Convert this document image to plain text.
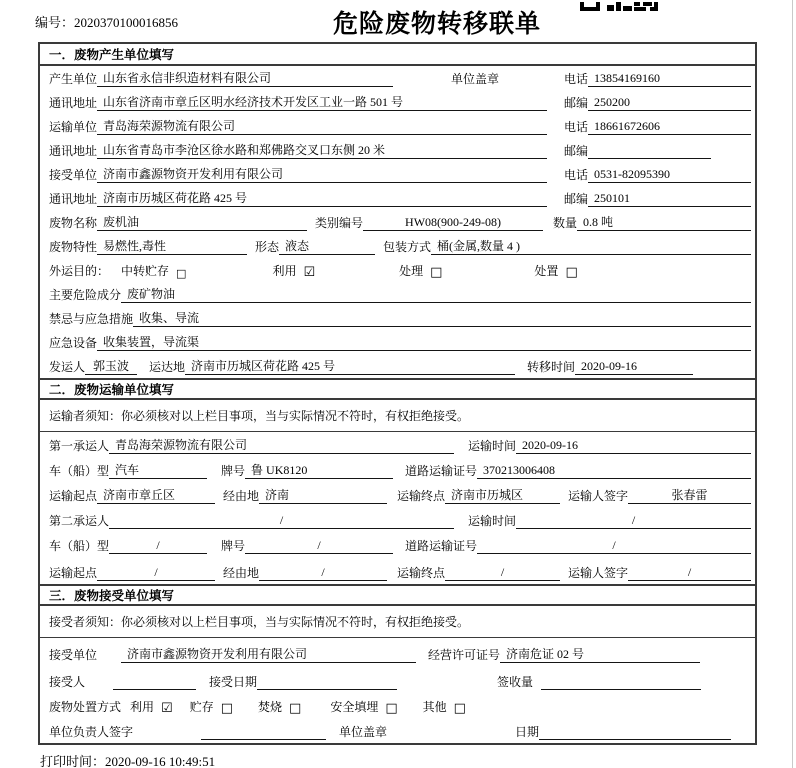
编号：2020370100016856	危险废物转移联单
一．废物产生单位填写
产生单位 山东省永信非织造材料有限公司	单位盖章	电话 13854169160
通讯地址 山东省济南市章丘区明水经济技术开发区工业一路 501 号	邮编 250200
运输单位 青岛海荣源物流有限公司	电话 18661672606
通讯地址 山东省青岛市李沧区徐水路和郑佛路交叉口东侧 20 米	邮编
接受单位 济南市鑫源物资开发利用有限公司	电话 0531-82095390
通讯地址 济南市历城区荷花路 425 号	邮编 250101
废物名称 废机油	类别编号	HW08(900-249-08)	数量 0.8 吨
废物特性 易燃性,毒性	形态 液态	包装方式 桶(金属,数量 4 )
外运目的： 中转贮存 □	利用 ☑	处理 □	处置 □
主要危险成分 废矿物油
禁忌与应急措施 收集、导流
应急设备 收集装置，导流渠
发运人 郭玉波	运达地 济南市历城区荷花路 425 号	转移时间 2020-09-16
二．废物运输单位填写
运输者须知： 你必须核对以上栏目事项，当与实际情况不符时，有权拒绝接受。
第一承运人 青岛海荣源物流有限公司	运输时间 2020-09-16
车（船）型 汽车	牌号 鲁 UK8120	道路运输证号 370213006408
运输起点 济南市章丘区	经由地 济南	运输终点 济南市历城区	运输人签字	张春雷
第二承运人	/	运输时间	/
车（船）型	/	牌号	/	道路运输证号	/
运输起点	/	经由地	/	运输终点	/	运输人签字	/
三．废物接受单位填写
接受者须知： 你必须核对以上栏目事项，当与实际情况不符时，有权拒绝接受。
接受单位	济南市鑫源物资开发利用有限公司	经营许可证号 济南危证 02 号
接受人	接受日期	签收量
废物处置方式 利用 ☑ 贮存 □ 焚烧 □ 安全填埋 □ 其他 □
单位负责人签字	单位盖章	日期
打印时间：2020-09-16 10:49:51
